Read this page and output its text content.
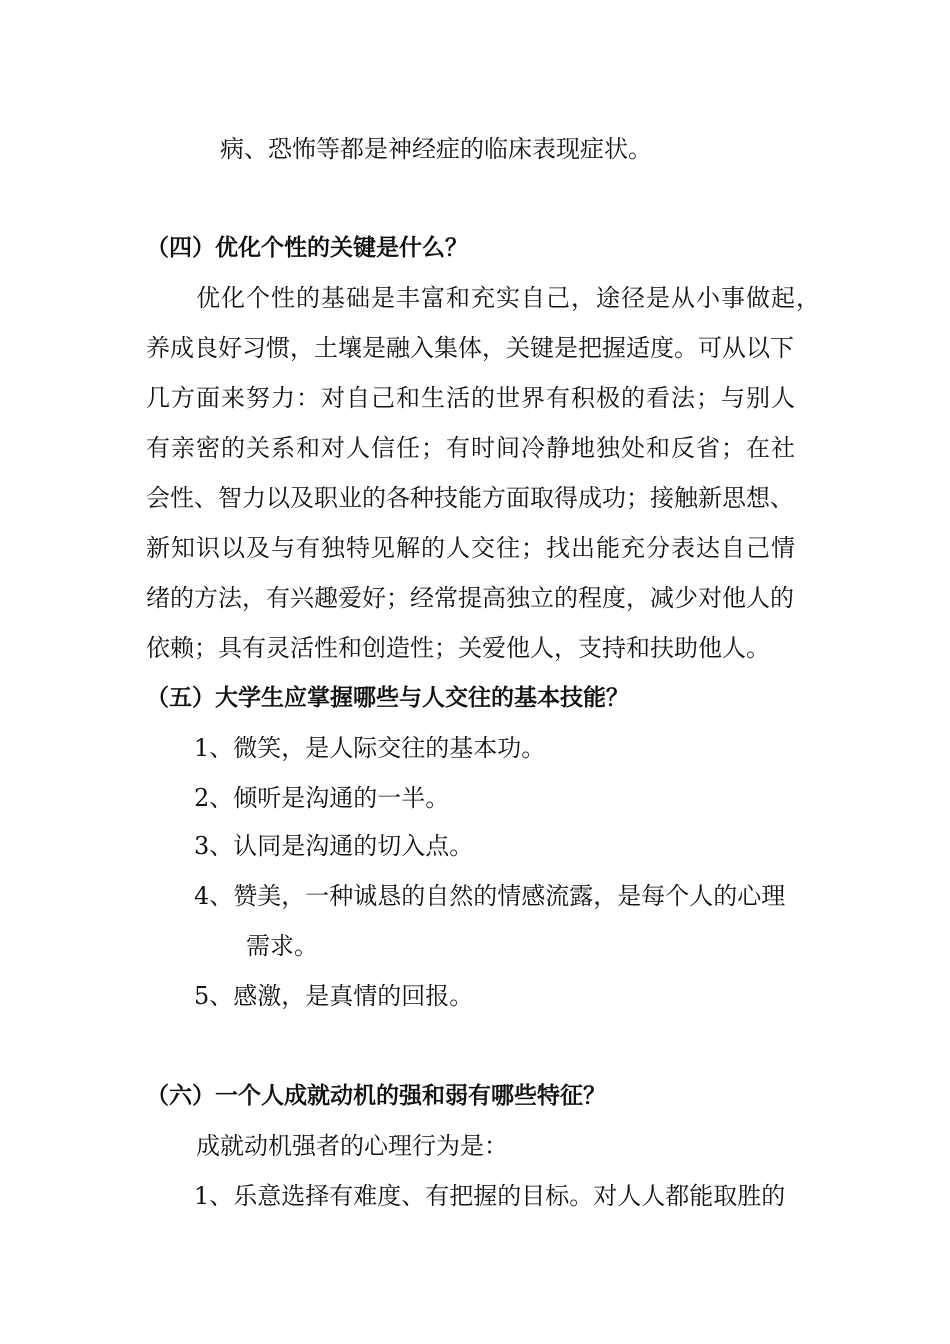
病、恐怖等都是神经症的临床表现症状。
（四）优化个性的关键是什么？
优化个性的基础是丰富和充实自己，途径是从小事做起，
养成良好习惯，土壤是融入集体，关键是把握适度。可从以下
几方面来努力：对自己和生活的世界有积极的看法；与别人
有亲密的关系和对人信任；有时间冷静地独处和反省；在社
会性、智力以及职业的各种技能方面取得成功；接触新思想、
新知识以及与有独特见解的人交往；找出能充分表达自己情
绪的方法，有兴趣爱好；经常提高独立的程度，减少对他人的
依赖；具有灵活性和创造性；关爱他人，支持和扶助他人。
（五）大学生应掌握哪些与人交往的基本技能？
1、微笑，是人际交往的基本功。
2、倾听是沟通的一半。
3、认同是沟通的切入点。
4、赞美，一种诚恳的自然的情感流露，是每个人的心理
需求。
5、感激，是真情的回报。
（六）一个人成就动机的强和弱有哪些特征？
成就动机强者的心理行为是：
1、乐意选择有难度、有把握的目标。对人人都能取胜的
